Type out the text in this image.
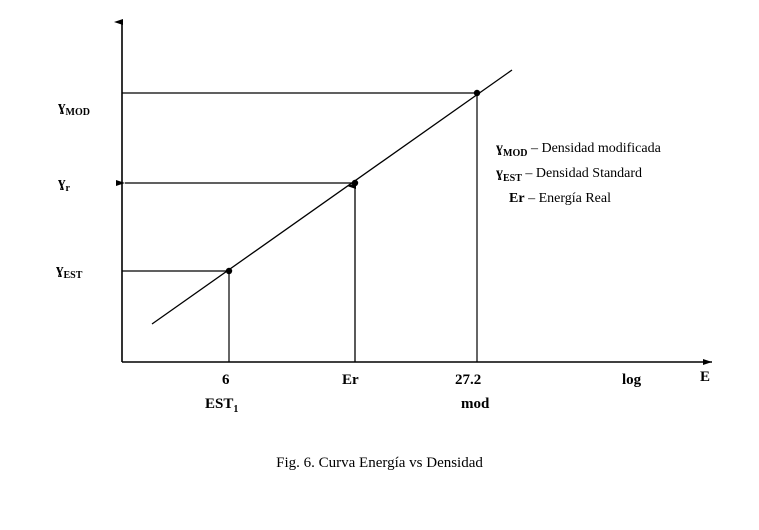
ɣ$_{MOD}$
ɣ$_r$
ɣ$_{EST}$
6
$EST_1$
Er	27.2
mod
log	E
ɣ$_{MOD}$ – Densidad modificada
ɣ$_{EST}$ – Densidad Standard
Er – Energía Real
Fig. 6. Curva Energía vs Densidad
